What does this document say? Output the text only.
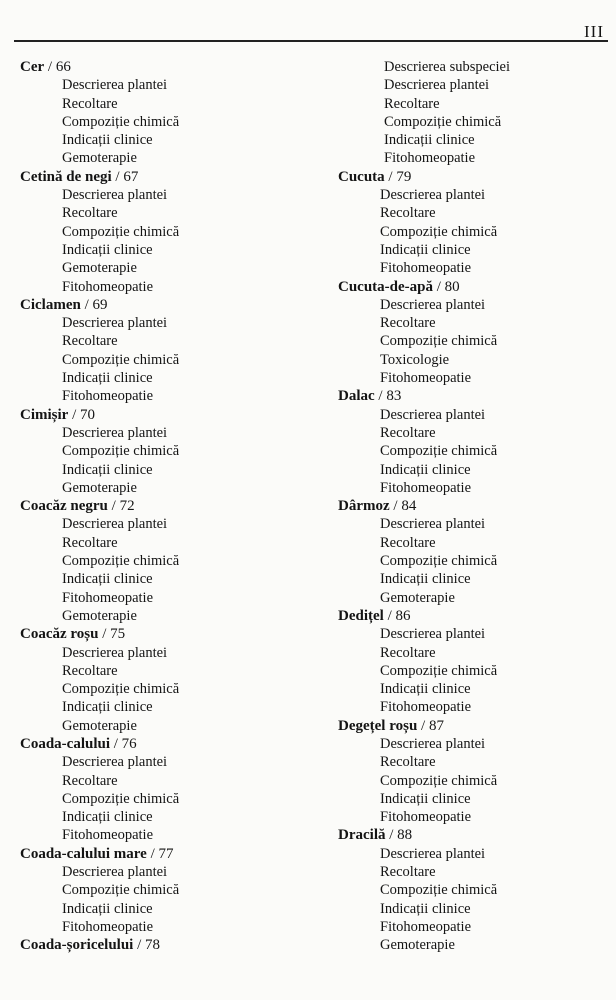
III
Cer / 66
Descrierea plantei
Recoltare
Compoziție chimică
Indicații clinice
Gemoterapie
Cetină de negi / 67
Descrierea plantei
Recoltare
Compoziție chimică
Indicații clinice
Gemoterapie
Fitohomeopatie
Ciclamen / 69
Descrierea plantei
Recoltare
Compoziție chimică
Indicații clinice
Fitohomeopatie
Cimișir / 70
Descrierea plantei
Compoziție chimică
Indicații clinice
Gemoterapie
Coacăz negru / 72
Descrierea plantei
Recoltare
Compoziție chimică
Indicații clinice
Fitohomeopatie
Gemoterapie
Coacăz roșu / 75
Descrierea plantei
Recoltare
Compoziție chimică
Indicații clinice
Gemoterapie
Coada-calului / 76
Descrierea plantei
Recoltare
Compoziție chimică
Indicații clinice
Fitohomeopatie
Coada-calului mare / 77
Descrierea plantei
Compoziție chimică
Indicații clinice
Fitohomeopatie
Coada-șoricelului / 78
Descrierea subspeciei
Descrierea plantei
Recoltare
Compoziție chimică
Indicații clinice
Fitohomeopatie
Cucuta / 79
Descrierea plantei
Recoltare
Compoziție chimică
Indicații clinice
Fitohomeopatie
Cucuta-de-apă / 80
Descrierea plantei
Recoltare
Compoziție chimică
Toxicologie
Fitohomeopatie
Dalac / 83
Descrierea plantei
Recoltare
Compoziție chimică
Indicații clinice
Fitohomeopatie
Dârmoz / 84
Descrierea plantei
Recoltare
Compoziție chimică
Indicații clinice
Gemoterapie
Dedițel / 86
Descrierea plantei
Recoltare
Compoziție chimică
Indicații clinice
Fitohomeopatie
Degețel roșu / 87
Descrierea plantei
Recoltare
Compoziție chimică
Indicații clinice
Fitohomeopatie
Dracilă / 88
Descrierea plantei
Recoltare
Compoziție chimică
Indicații clinice
Fitohomeopatie
Gemoterapie
